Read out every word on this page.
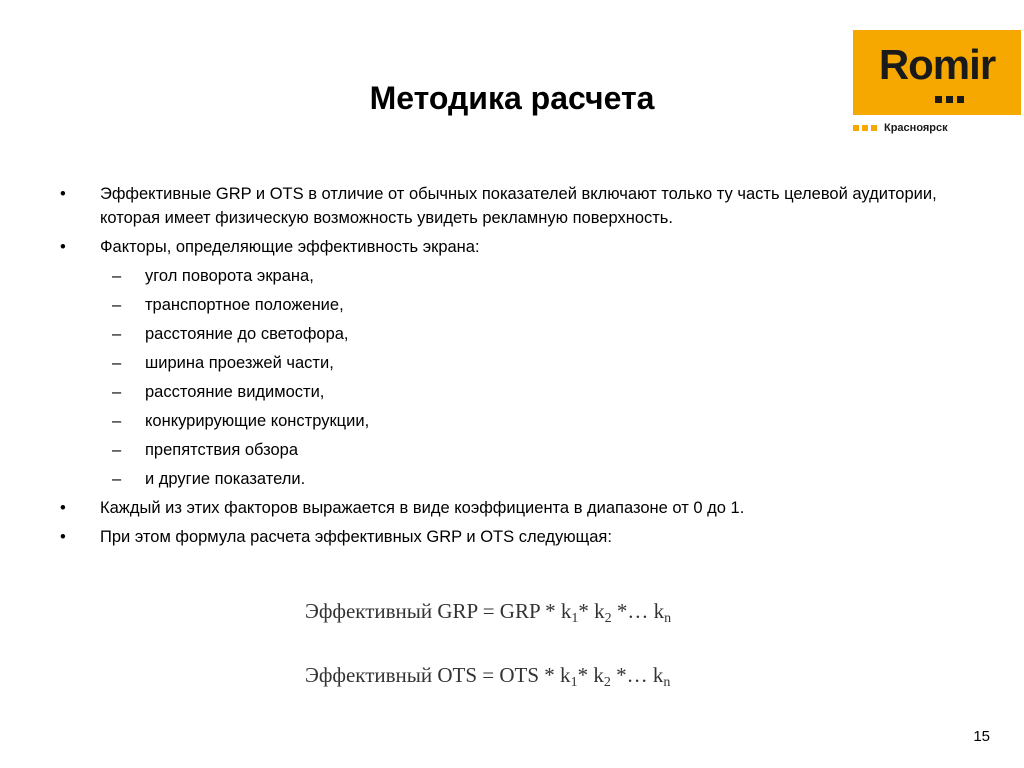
Методика расчета
Romir
Красноярск
•	Эффективные GRP и OTS в отличие от обычных показателей включают только ту часть целевой аудитории, которая имеет физическую возможность увидеть рекламную поверхность.
•	Факторы, определяющие эффективность экрана:
– угол поворота экрана,
– транспортное положение,
– расстояние до светофора,
– ширина проезжей части,
– расстояние видимости,
– конкурирующие конструкции,
– препятствия обзора
– и другие показатели.
•	Каждый из этих факторов выражается в виде коэффициента в диапазоне от 0 до 1.
•	При этом формула расчета эффективных GRP и OTS следующая:
Эффективный GRP = GRP * $k_1*$ $k_2$ *… $k_n$
Эффективный OTS = OTS * $k_1*$ $k_2$ *… $k_n$
15
